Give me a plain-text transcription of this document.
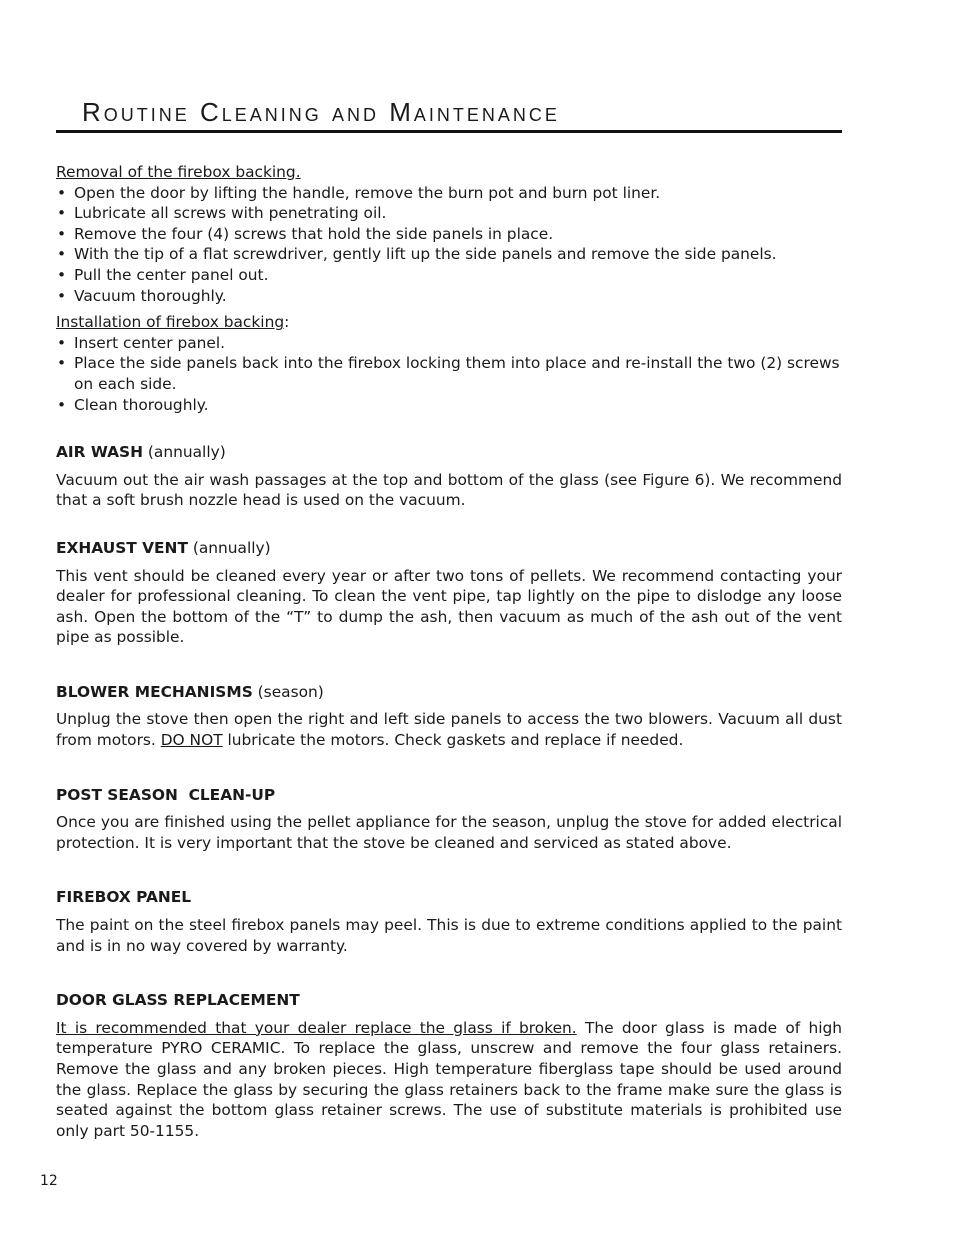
Routine Cleaning and Maintenance

Removal of the firebox backing.

• Open the door by lifting the handle, remove the burn pot and burn pot liner.
• Lubricate all screws with penetrating oil.
• Remove the four (4) screws that hold the side panels in place.
• With the tip of a flat screwdriver, gently lift up the side panels and remove the side panels.
• Pull the center panel out.
• Vacuum thoroughly.

Installation of firebox backing:

• Insert center panel.
• Place the side panels back into the firebox locking them into place and re-install the two (2) screws on each side.
• Clean thoroughly.
AIR WASH (annually)

Vacuum out the air wash passages at the top and bottom of the glass (see Figure 6). We recommend that a soft brush nozzle head is used on the vacuum.

EXHAUST VENT (annually)

This vent should be cleaned every year or after two tons of pellets. We recommend contacting your dealer for professional cleaning. To clean the vent pipe, tap lightly on the pipe to dislodge any loose ash. Open the bottom of the “T” to dump the ash, then vacuum as much of the ash out of the vent pipe as possible.

BLOWER MECHANISMS (season)

Unplug the stove then open the right and left side panels to access the two blowers. Vacuum all dust from motors. DO NOT lubricate the motors. Check gaskets and replace if needed.

POST SEASON  CLEAN-UP

Once you are finished using the pellet appliance for the season, unplug the stove for added electrical protection. It is very important that the stove be cleaned and serviced as stated above.

FIREBOX PANEL

The paint on the steel firebox panels may peel. This is due to extreme conditions applied to the paint and is in no way covered by warranty.

DOOR GLASS REPLACEMENT

It is recommended that your dealer replace the glass if broken. The door glass is made of high temperature PYRO CERAMIC. To replace the glass, unscrew and remove the four glass retainers. Remove the glass and any broken pieces. High temperature fiberglass tape should be used around the glass. Replace the glass by securing the glass retainers back to the frame make sure the glass is seated against the bottom glass retainer screws. The use of substitute materials is prohibited use only part 50-1155.

12
